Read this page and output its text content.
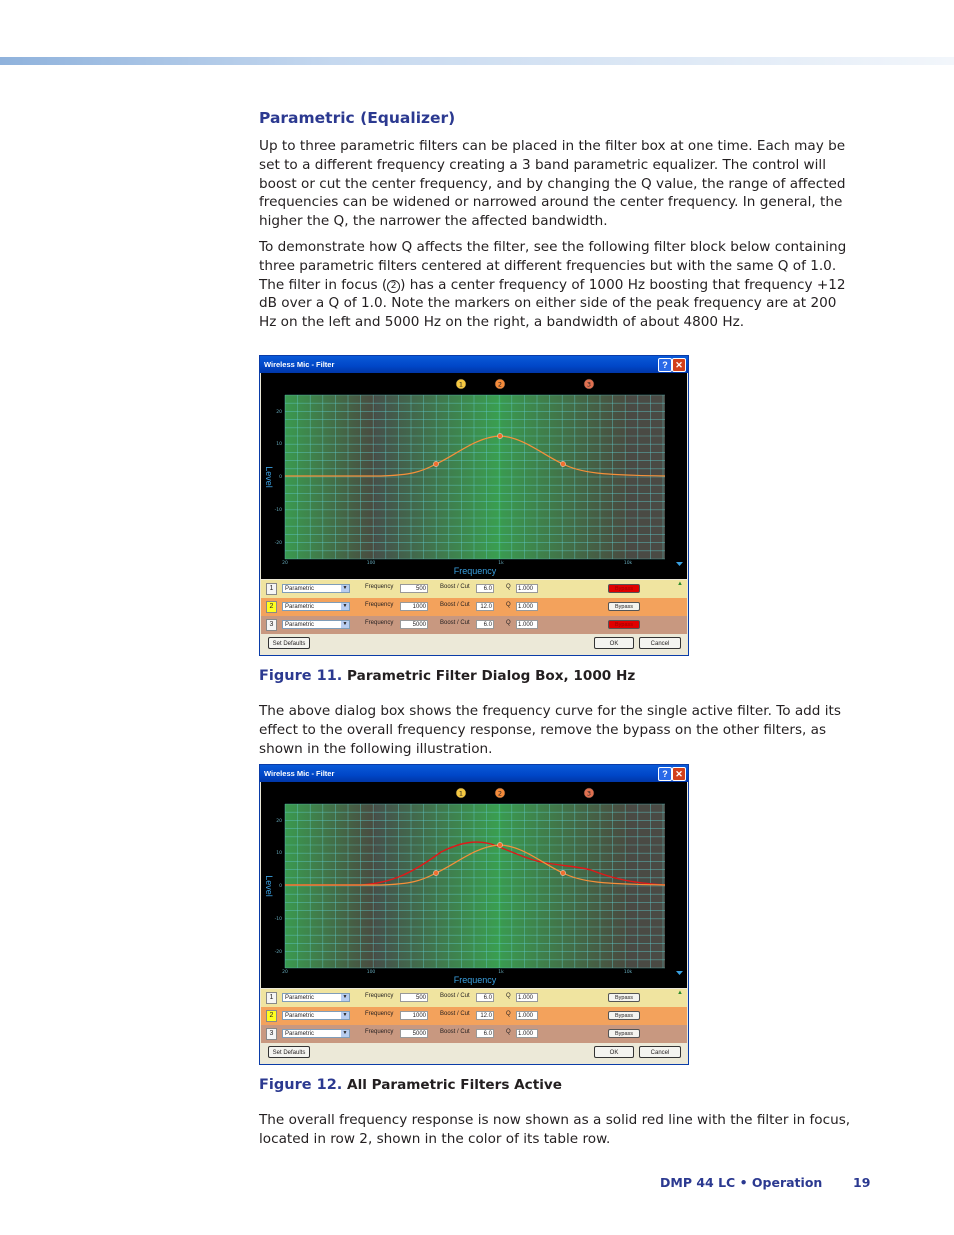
Parametric (Equalizer)

Up to three parametric filters can be placed in the filter box at one time. Each may be set to a different frequency creating a 3 band parametric equalizer. The control will boost or cut the center frequency, and by changing the Q value, the range of affected frequencies can be widened or narrowed around the center frequency. In general, the higher the Q, the narrower the affected bandwidth.

To demonstrate how Q affects the filter, see the following filter block below containing three parametric filters centered at different frequencies but with the same Q of 1.0. The filter in focus ( 2 ) has a center frequency of 1000 Hz boosting that frequency +12 dB over a Q of 1.0. Note the markers on either side of the peak frequency are at 200 Hz on the left and 5000 Hz on the right, a bandwidth of about 4800 Hz.

Wireless Mic - Filter	? ✕
20
10
0
-10
-20
20	100	1k	10k
Level
Frequency
1	2	3
1	Parametric	▼	Frequency	500	Boost / Cut	6.0	Q	1.000	Bypass
▲
2	Parametric	▼	Frequency	1000	Boost / Cut	12.0	Q	1.000	Bypass
3	Parametric	▼	Frequency	5000	Boost / Cut	6.0	Q	1.000	Bypass
Set Defaults	OK	Cancel
Figure 11. Parametric Filter Dialog Box, 1000 Hz

The above dialog box shows the frequency curve for the single active filter. To add its effect to the overall frequency response, remove the bypass on the other filters, as shown in the following illustration.

Wireless Mic - Filter	? ✕
20
10
0
-10
-20
20	100	1k	10k
Level
Frequency
1	2	3
1	Parametric	▼	Frequency	500	Boost / Cut	6.0	Q	1.000	Bypass
▲
2	Parametric	▼	Frequency	1000	Boost / Cut	12.0	Q	1.000	Bypass
3	Parametric	▼	Frequency	5000	Boost / Cut	6.0	Q	1.000	Bypass
Set Defaults	OK	Cancel
Figure 12. All Parametric Filters Active

The overall frequency response is now shown as a solid red line with the filter in focus, located in row 2, shown in the color of its table row.

DMP 44 LC • Operation 19
